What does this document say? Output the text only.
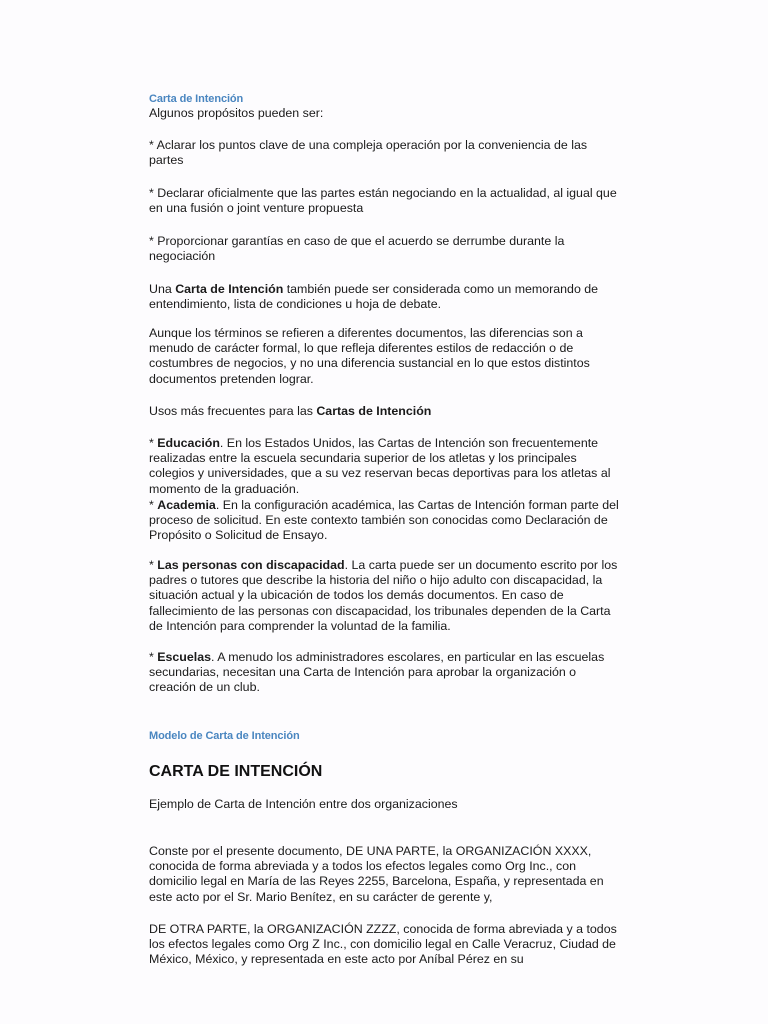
Carta de Intención

Algunos propósitos pueden ser:

* Aclarar los puntos clave de una compleja operación por la conveniencia de las partes

* Declarar oficialmente que las partes están negociando en la actualidad, al igual que en una fusión o joint venture propuesta

* Proporcionar garantías en caso de que el acuerdo se derrumbe durante la negociación

Una Carta de Intención también puede ser considerada como un memorando de entendimiento, lista de condiciones u hoja de debate.

Aunque los términos se refieren a diferentes documentos, las diferencias son a menudo de carácter formal, lo que refleja diferentes estilos de redacción o de costumbres de negocios, y no una diferencia sustancial en lo que estos distintos documentos pretenden lograr.

Usos más frecuentes para las Cartas de Intención

* Educación. En los Estados Unidos, las Cartas de Intención son frecuentemente realizadas entre la escuela secundaria superior de los atletas y los principales colegios y universidades, que a su vez reservan becas deportivas para los atletas al momento de la graduación.

* Academia. En la configuración académica, las Cartas de Intención forman parte del proceso de solicitud. En este contexto también son conocidas como Declaración de Propósito o Solicitud de Ensayo.

* Las personas con discapacidad. La carta puede ser un documento escrito por los padres o tutores que describe la historia del niño o hijo adulto con discapacidad, la situación actual y la ubicación de todos los demás documentos. En caso de fallecimiento de las personas con discapacidad, los tribunales dependen de la Carta de Intención para comprender la voluntad de la familia.

* Escuelas. A menudo los administradores escolares, en particular en las escuelas secundarias, necesitan una Carta de Intención para aprobar la organización o creación de un club.

Modelo de Carta de Intención
CARTA DE INTENCIÓN

Ejemplo de Carta de Intención entre dos organizaciones

Conste por el presente documento, DE UNA PARTE, la ORGANIZACIÓN XXXX, conocida de forma abreviada y a todos los efectos legales como Org Inc., con domicilio legal en María de las Reyes 2255, Barcelona, España, y representada en este acto por el Sr. Mario Benítez, en su carácter de gerente y,

DE OTRA PARTE, la ORGANIZACIÓN ZZZZ, conocida de forma abreviada y a todos los efectos legales como Org Z Inc., con domicilio legal en Calle Veracruz, Ciudad de México, México, y representada en este acto por Aníbal Pérez en su
